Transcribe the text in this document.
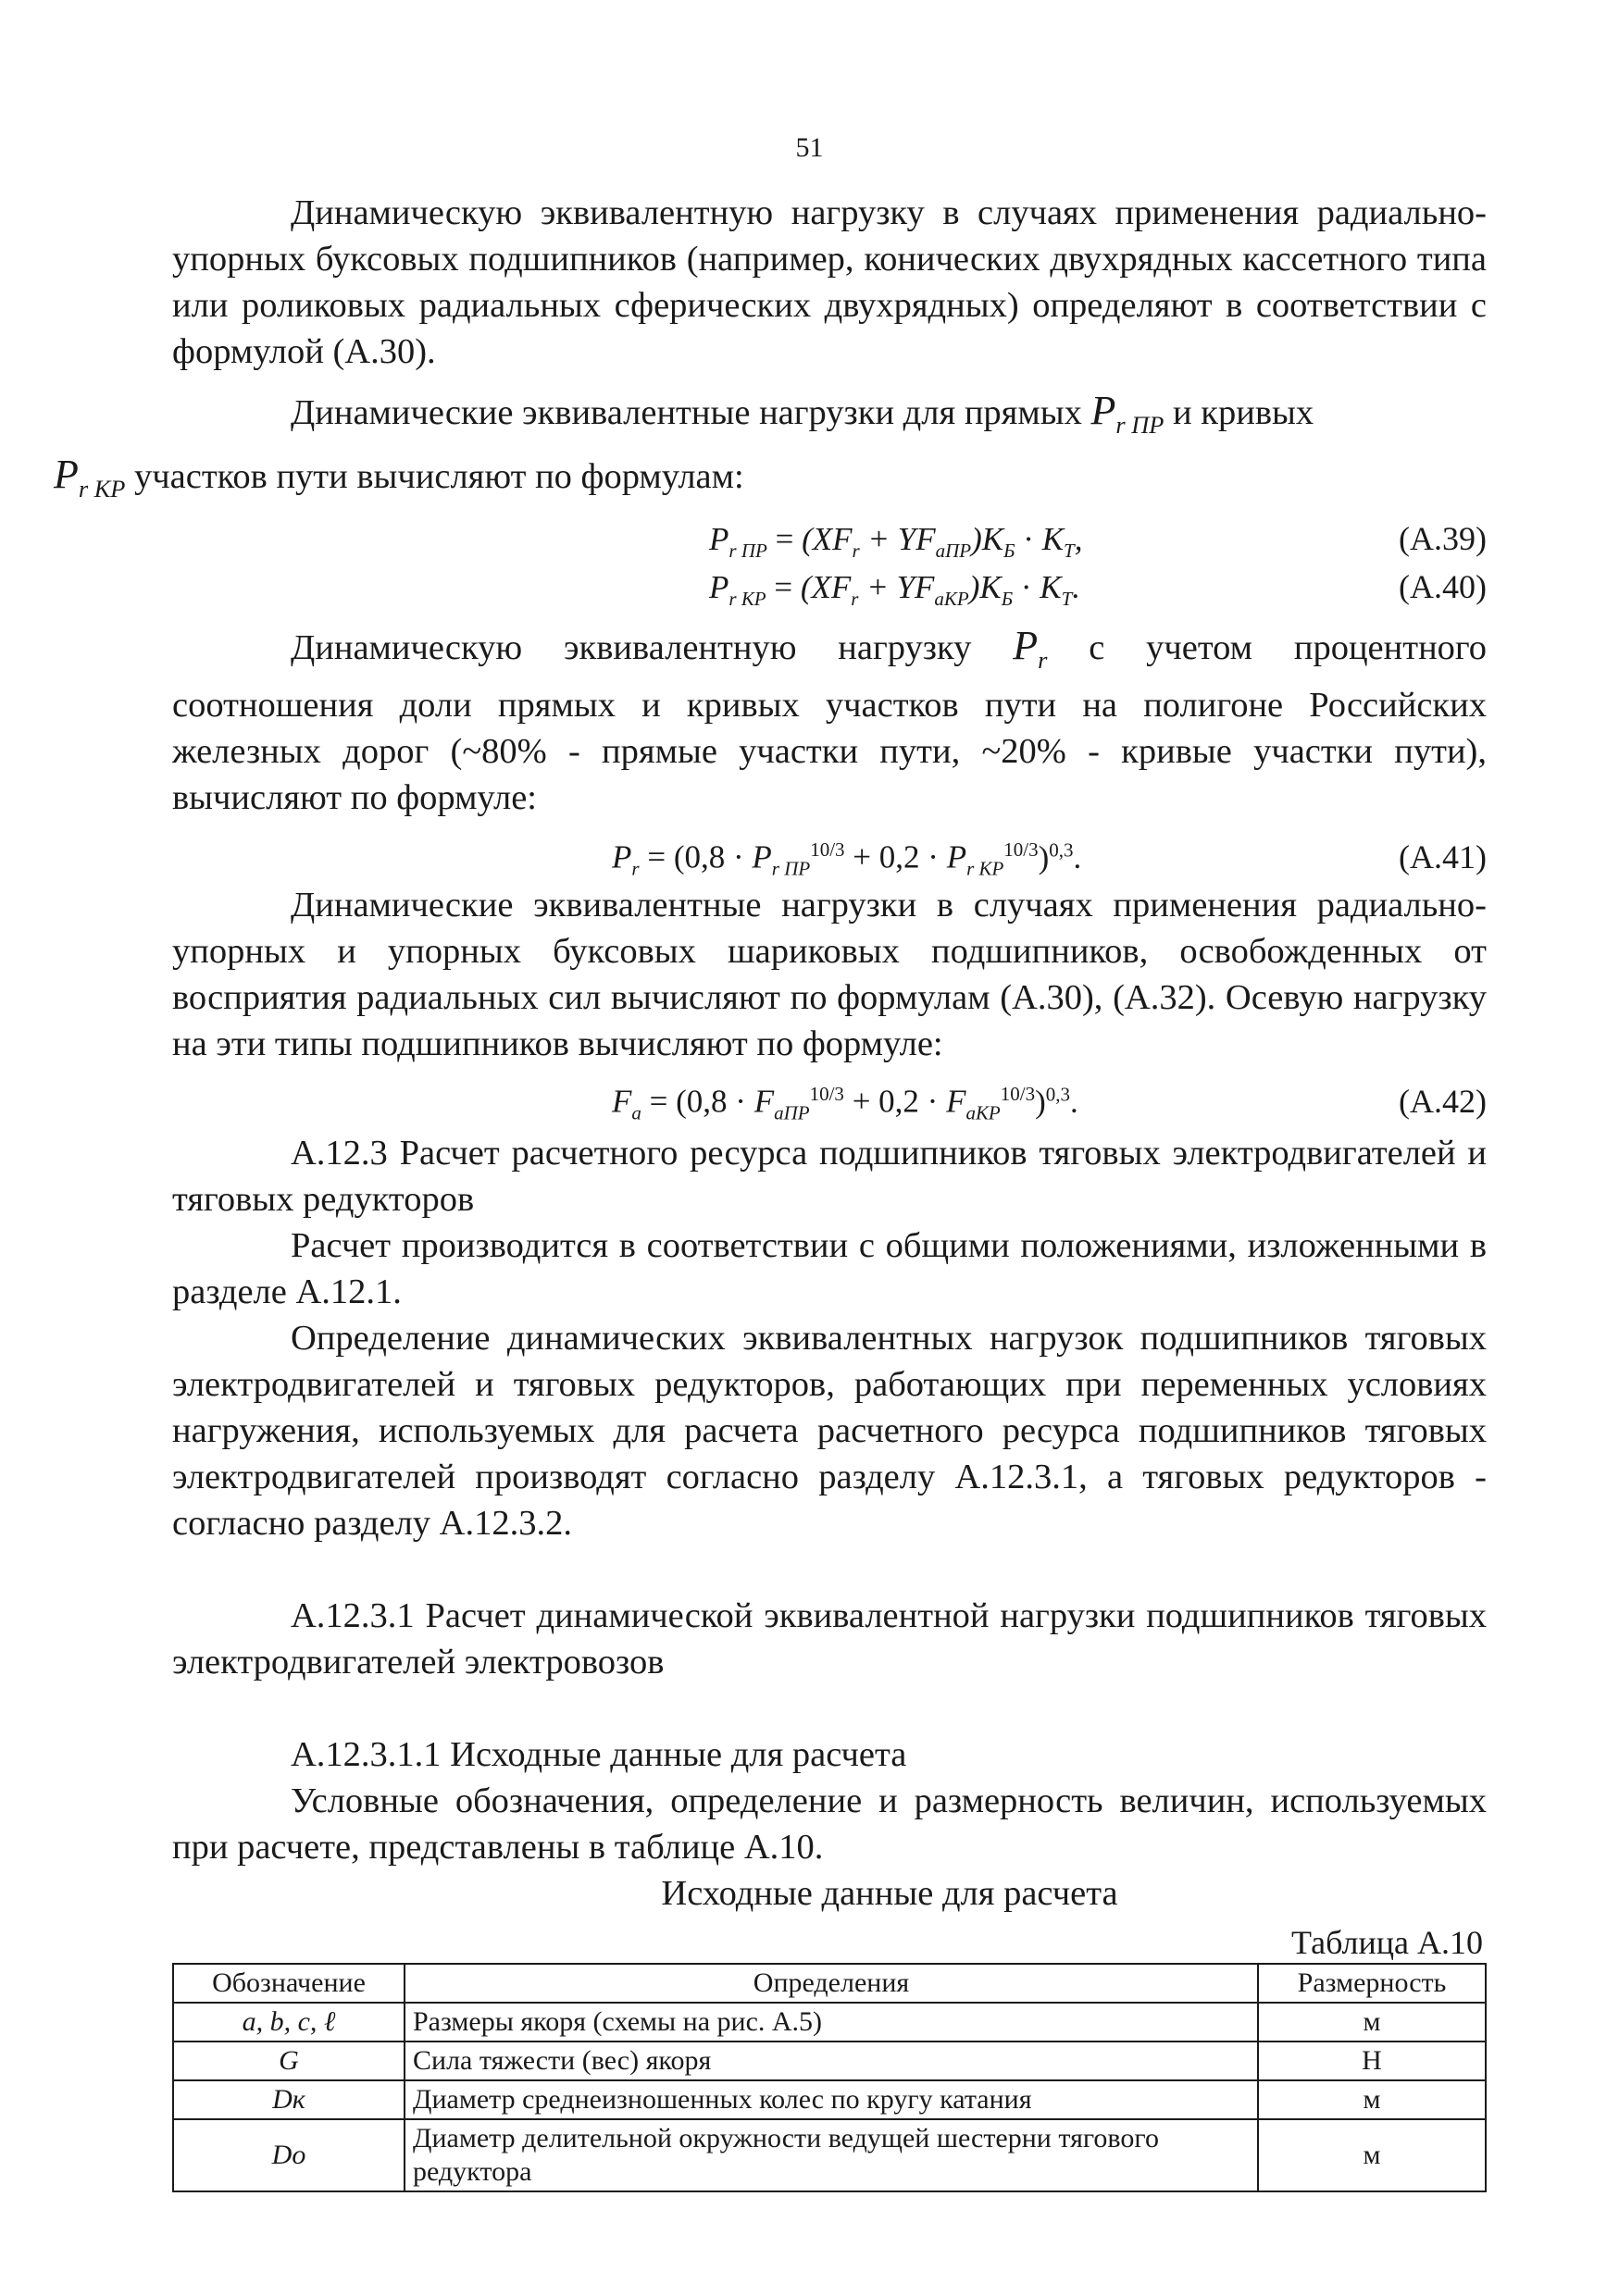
51

Динамическую эквивалентную нагрузку в случаях применения радиально-упорных буксовых подшипников (например, конических двухрядных кассетного типа или роликовых радиальных сферических двухрядных) определяют в соответствии с формулой (А.30).

Динамические эквивалентные нагрузки для прямых $P_{r ПР}$ и кривых
$P_{r КР}$ участков пути вычисляют по формулам:

$P_{r ПР} = (XF_r + YF_{aПР})K_Б \cdot K_Т$,	(А.39)
$P_{r КР} = (XF_r + YF_{aКР})K_Б \cdot K_Т$.	(А.40)

Динамическую эквивалентную нагрузку $P_r$ с учетом процентного соотношения доли прямых и кривых участков пути на полигоне Российских железных дорог (~80% - прямые участки пути, ~20% - кривые участки пути), вычисляют по формуле:

$P_r = (0,8 \cdot P_{r ПР}^{10/3} + 0,2 \cdot P_{r КР}^{10/3})^{0,3}$.	(А.41)

Динамические эквивалентные нагрузки в случаях применения радиально-упорных и упорных буксовых шариковых подшипников, освобожденных от восприятия радиальных сил вычисляют по формулам (А.30), (А.32). Осевую нагрузку на эти типы подшипников вычисляют по формуле:

$F_a = (0,8 \cdot F_{aПР}^{10/3} + 0,2 \cdot F_{aКР}^{10/3})^{0,3}$.	(А.42)

А.12.3 Расчет расчетного ресурса подшипников тяговых электродвигателей и тяговых редукторов

Расчет производится в соответствии с общими положениями, изложенными в разделе А.12.1.

Определение динамических эквивалентных нагрузок подшипников тяговых электродвигателей и тяговых редукторов, работающих при переменных условиях нагружения, используемых для расчета расчетного ресурса подшипников тяговых электродвигателей производят согласно разделу А.12.3.1, а тяговых редукторов - согласно разделу А.12.3.2.

А.12.3.1 Расчет динамической эквивалентной нагрузки подшипников тяговых электродвигателей электровозов

А.12.3.1.1 Исходные данные для расчета

Условные обозначения, определение и размерность величин, используемых при расчете, представлены в таблице А.10.

Исходные данные для расчета
Таблица А.10
Обозначение	Определения	Размерность
a, b, c, ℓ	Размеры якоря (схемы на рис. А.5)	м
G	Сила тяжести (вес) якоря	Н
Dк	Диаметр среднеизношенных колес по кругу катания	м
Dо	Диаметр делительной окружности ведущей шестерни тягового редуктора	м
